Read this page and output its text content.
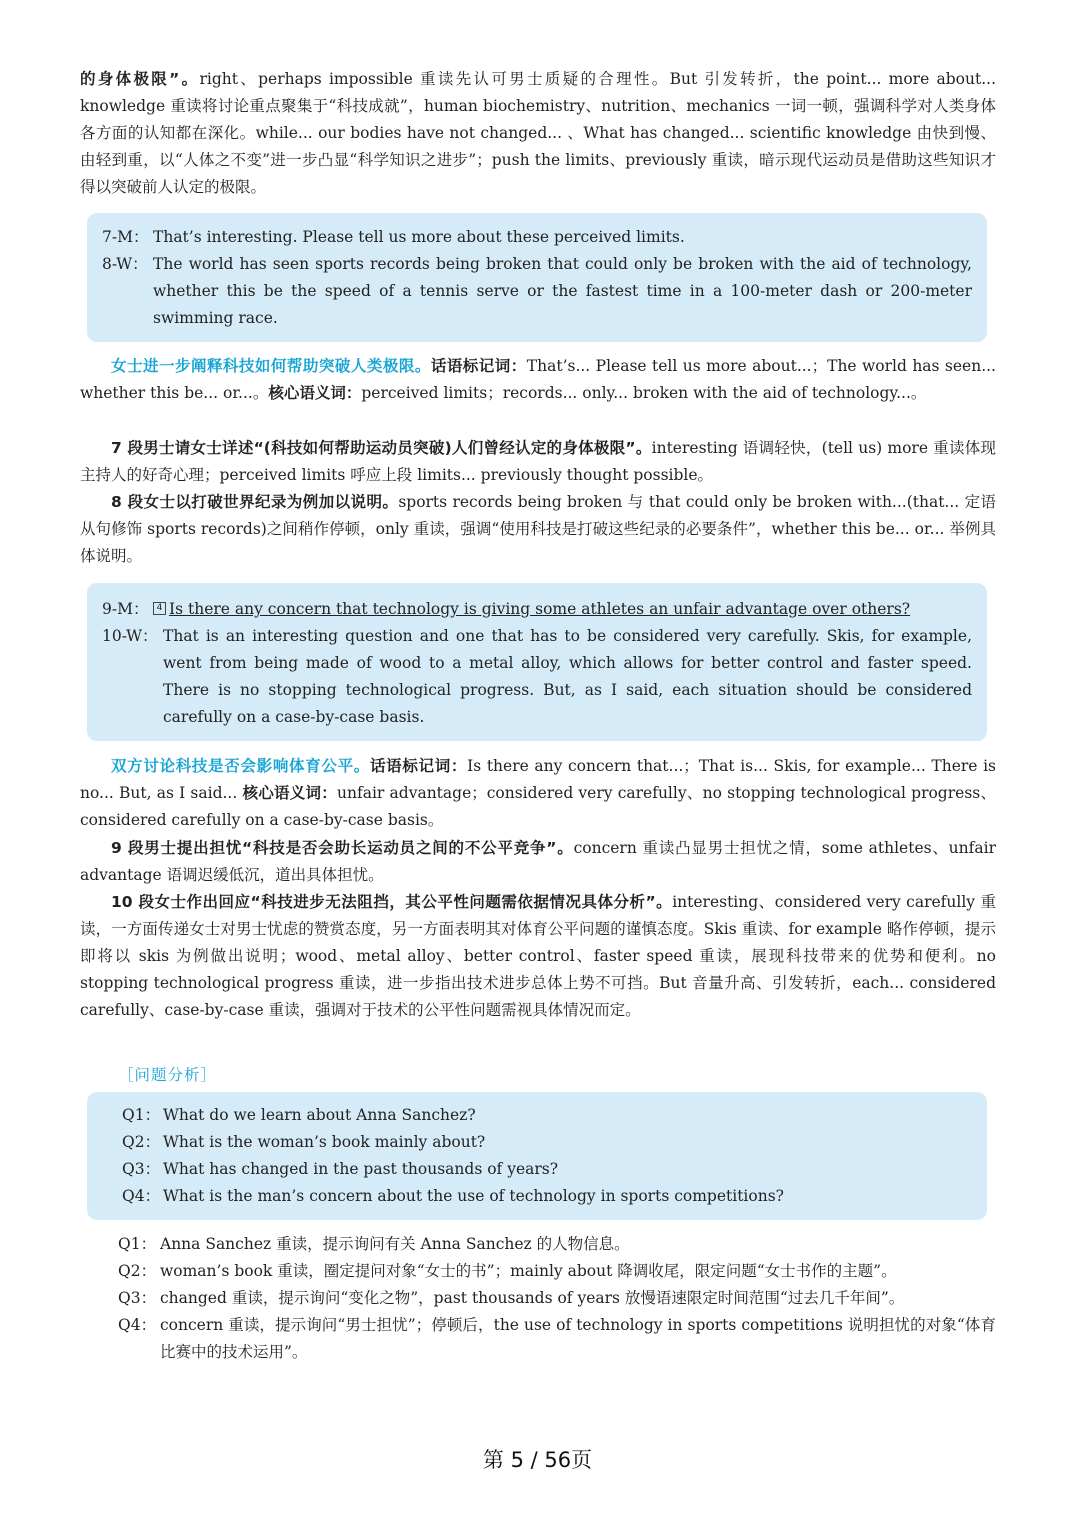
的身体极限”。right、perhaps impossible 重读先认可男士质疑的合理性。But 引发转折，the point... more about... knowledge 重读将讨论重点聚集于“科技成就”，human biochemistry、nutrition、mechanics 一词一顿，强调科学对人类身体各方面的认知都在深化。while... our bodies have not changed... 、What has changed... scientific knowledge 由快到慢、由轻到重，以“人体之不变”进一步凸显“科学知识之进步”；push the limits、previously 重读，暗示现代运动员是借助这些知识才得以突破前人认定的极限。
7-M： That’s interesting. Please tell us more about these perceived limits.
8-W： The world has seen sports records being broken that could only be broken with the aid of technology, whether this be the speed of a tennis serve or the fastest time in a 100-meter dash or 200-meter swimming race.
女士进一步阐释科技如何帮助突破人类极限。话语标记词：That’s... Please tell us more about...；The world has seen... whether this be... or...。核心语义词：perceived limits；records... only... broken with the aid of technology...。
7 段男士请女士详述“(科技如何帮助运动员突破)人们曾经认定的身体极限”。interesting 语调轻快，(tell us) more 重读体现主持人的好奇心理；perceived limits 呼应上段 limits... previously thought possible。
8 段女士以打破世界纪录为例加以说明。sports records being broken 与 that could only be broken with...(that... 定语从句修饰 sports records)之间稍作停顿，only 重读，强调“使用科技是打破这些纪录的必要条件”，whether this be... or... 举例具体说明。
9-M： 4 Is there any concern that technology is giving some athletes an unfair advantage over others?
10-W： That is an interesting question and one that has to be considered very carefully. Skis, for example, went from being made of wood to a metal alloy, which allows for better control and faster speed. There is no stopping technological progress. But, as I said, each situation should be considered carefully on a case-by-case basis.
双方讨论科技是否会影响体育公平。话语标记词：Is there any concern that...；That is... Skis, for example... There is no... But, as I said... 核心语义词：unfair advantage；considered very carefully、no stopping technological progress、considered carefully on a case-by-case basis。
9 段男士提出担忧“科技是否会助长运动员之间的不公平竞争”。concern 重读凸显男士担忧之情，some athletes、unfair advantage 语调迟缓低沉，道出具体担忧。
10 段女士作出回应“科技进步无法阻挡，其公平性问题需依据情况具体分析”。interesting、considered very carefully 重读，一方面传递女士对男士忧虑的赞赏态度，另一方面表明其对体育公平问题的谨慎态度。Skis 重读、for example 略作停顿，提示即将以 skis 为例做出说明；wood、metal alloy、better control、faster speed 重读，展现科技带来的优势和便利。no stopping technological progress 重读，进一步指出技术进步总体上势不可挡。But 音量升高、引发转折，each... considered carefully、case-by-case 重读，强调对于技术的公平性问题需视具体情况而定。
［问题分析］
Q1： What do we learn about Anna Sanchez?
Q2： What is the woman’s book mainly about?
Q3： What has changed in the past thousands of years?
Q4： What is the man’s concern about the use of technology in sports competitions?
Q1： Anna Sanchez 重读，提示询问有关 Anna Sanchez 的人物信息。
Q2： woman’s book 重读，圈定提问对象“女士的书”；mainly about 降调收尾，限定问题“女士书作的主题”。
Q3： changed 重读，提示询问“变化之物”，past thousands of years 放慢语速限定时间范围“过去几千年间”。
Q4： concern 重读，提示询问“男士担忧”；停顿后，the use of technology in sports competitions 说明担忧的对象“体育比赛中的技术运用”。
第 5 / 56页
